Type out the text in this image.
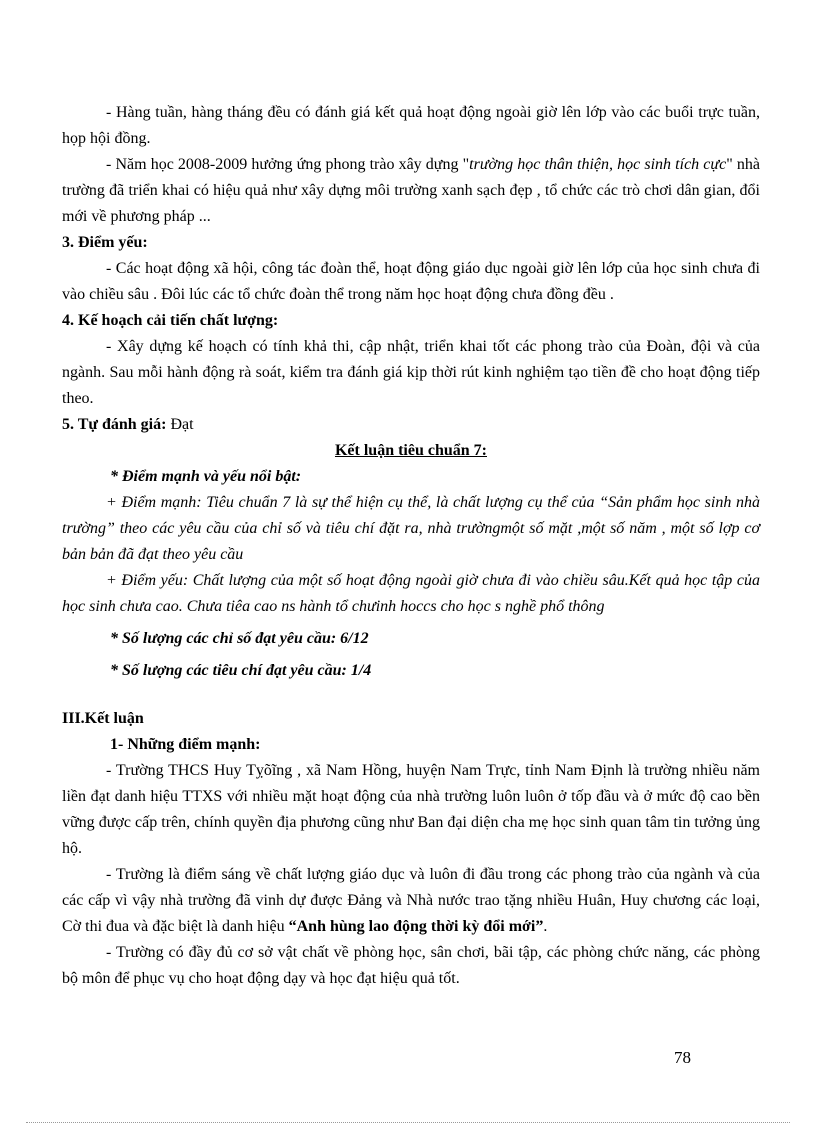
- Hàng tuần, hàng tháng đều có đánh giá kết quả hoạt động ngoài giờ lên lớp vào các buổi trực tuần, họp hội đồng.

- Năm học 2008-2009 hưởng ứng phong trào xây dựng "trường học thân thiện, học sinh tích cực" nhà trường đã triển khai có hiệu quả như xây dựng môi trường xanh sạch đẹp , tổ chức các trò chơi dân gian, đổi mới về phương pháp ...

3. Điểm yếu:

- Các hoạt động xã hội, công tác đoàn thể, hoạt động giáo dục ngoài giờ lên lớp của học sinh chưa đi vào chiều sâu . Đôi lúc các tổ chức đoàn thể trong năm học hoạt động chưa đồng đều .

4. Kế hoạch cải tiến chất lượng:

- Xây dựng kế hoạch có tính khả thi, cập nhật, triển khai tốt các phong trào của Đoàn, đội và của ngành. Sau mỗi hành động rà soát, kiểm tra đánh giá kịp thời rút kinh nghiệm tạo tiền đề cho hoạt động tiếp theo.

5. Tự đánh giá: Đạt

Kết luận tiêu chuẩn 7:

* Điểm mạnh và yếu nổi bật:

+ Điểm mạnh: Tiêu chuẩn 7 là sự thể hiện cụ thể, là chất lượng cụ thể của “Sản phẩm học sinh nhà trường” theo các yêu cầu của chỉ số và tiêu chí đặt ra, nhà trườngmột số mặt ,một số năm , một số lợp cơ bản bản đã đạt theo yêu cầu

+ Điểm yếu: Chất lượng của một số hoạt động ngoài giờ chưa đi vào chiều sâu.Kết quả học tập của học sinh chưa cao. Chưa tiêa cao ns hành tổ chưinh hoccs cho học s nghề phổ thông

* Số lượng các chỉ số đạt yêu cầu: 6/12

* Số lượng các tiêu chí đạt yêu cầu: 1/4

III.Kết luận

1- Những điểm mạnh:

- Trường THCS Huy Tỵõĩng , xã Nam Hồng, huyện Nam Trực, tỉnh Nam Định là trường nhiều năm liền đạt danh hiệu TTXS với nhiều mặt hoạt động của nhà trường luôn luôn ở tốp đầu và ở mức độ cao bền vững được cấp trên, chính quyền địa phương cũng như Ban đại diện cha mẹ học sinh quan tâm tin tưởng ủng hộ.

- Trường là điểm sáng về chất lượng giáo dục và luôn đi đầu trong các phong trào của ngành và của các cấp vì vậy nhà trường đã vinh dự được Đảng và Nhà nước trao tặng nhiều Huân, Huy chương các loại, Cờ thi đua và đặc biệt là danh hiệu “Anh hùng lao động thời kỳ đổi mới”.

- Trường có đầy đủ cơ sở vật chất về phòng học, sân chơi, bãi tập, các phòng chức năng, các phòng bộ môn để phục vụ cho hoạt động dạy và học đạt hiệu quả tốt.

78
